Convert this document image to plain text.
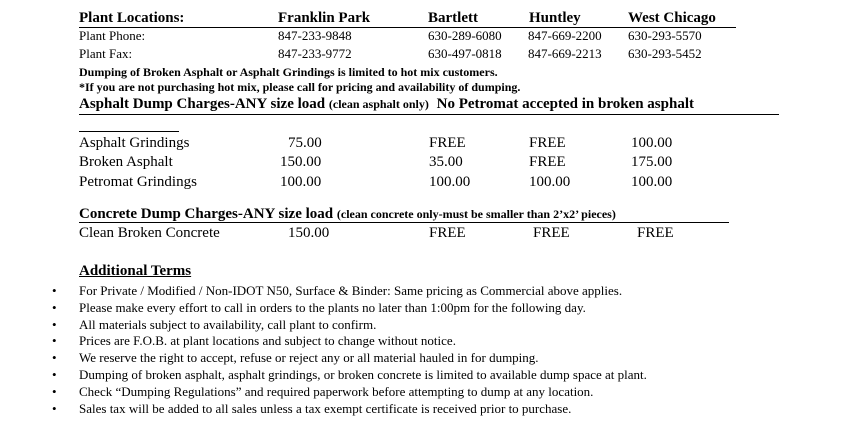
Plant Locations:	Franklin Park	Bartlett	Huntley	West Chicago
Plant Phone:	847-233-9848	630-289-6080 847-669-2200 630-293-5570
Plant Fax:	847-233-9772	630-497-0818 847-669-2213 630-293-5452
Dumping of Broken Asphalt or Asphalt Grindings is limited to hot mix customers.
*If you are not purchasing hot mix, please call for pricing and availability of dumping.
Asphalt Dump Charges-ANY size load (clean asphalt only) No Petromat accepted in broken asphalt
Asphalt Grindings	75.00	FREE	FREE	100.00
Broken Asphalt	150.00	35.00	FREE	175.00
Petromat Grindings	100.00	100.00	100.00	100.00
Concrete Dump Charges-ANY size load (clean concrete only-must be smaller than 2’x2’ pieces)
Clean Broken Concrete	150.00	FREE	FREE	FREE
Additional Terms
• For Private / Modified / Non-IDOT N50, Surface & Binder: Same pricing as Commercial above applies.
• Please make every effort to call in orders to the plants no later than 1:00pm for the following day.
• All materials subject to availability, call plant to confirm.
• Prices are F.O.B. at plant locations and subject to change without notice.
• We reserve the right to accept, refuse or reject any or all material hauled in for dumping.
• Dumping of broken asphalt, asphalt grindings, or broken concrete is limited to available dump space at plant.
• Check “Dumping Regulations” and required paperwork before attempting to dump at any location.
• Sales tax will be added to all sales unless a tax exempt certificate is received prior to purchase.
